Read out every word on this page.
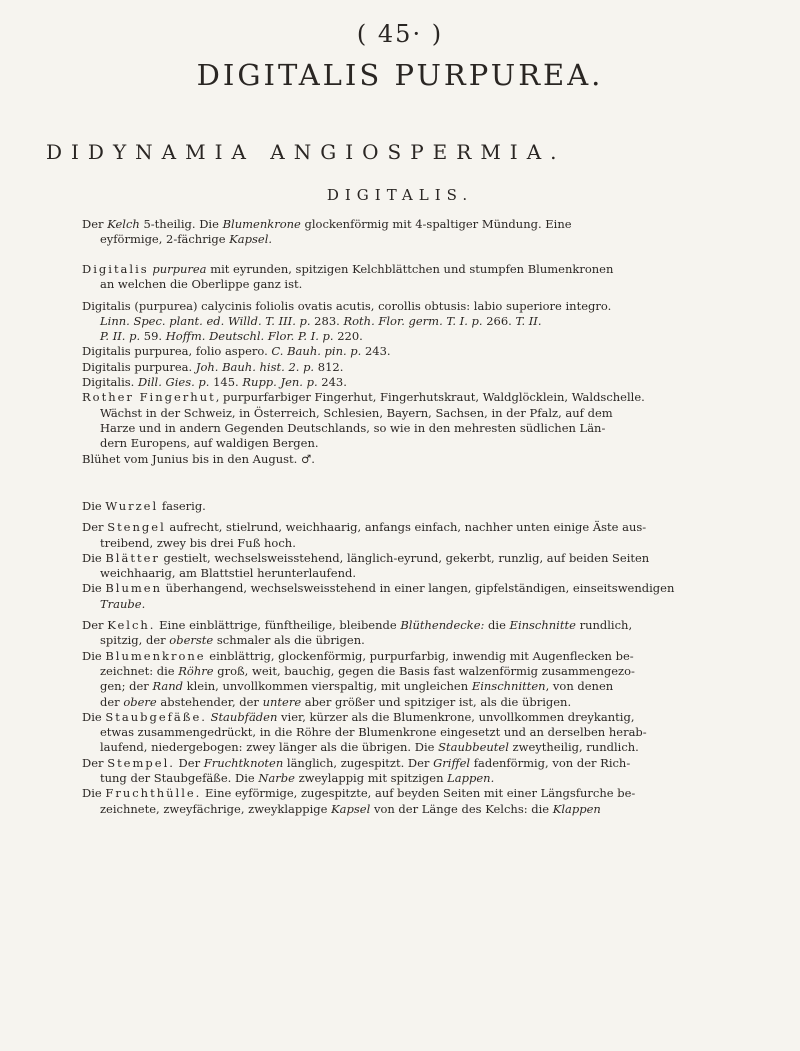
( 45· )
DIGITALIS PURPUREA.
DIDYNAMIA ANGIOSPERMIA.
DIGITALIS.

Der Kelch 5-theilig. Die Blumenkrone glockenförmig mit 4-spaltiger Mündung. Eine

eyförmige, 2-fächrige Kapsel.

Digitalis purpurea mit eyrunden, spitzigen Kelchblättchen und stumpfen Blumenkronen

an welchen die Oberlippe ganz ist.

Digitalis (purpurea) calycinis foliolis ovatis acutis, corollis obtusis: labio superiore integro.

Linn. Spec. plant. ed. Willd. T. III. p. 283. Roth. Flor. germ. T. I. p. 266. T. II.

P. II. p. 59. Hoffm. Deutschl. Flor. P. I. p. 220.

Digitalis purpurea, folio aspero. C. Bauh. pin. p. 243.

Digitalis purpurea. Joh. Bauh. hist. 2. p. 812.

Digitalis. Dill. Gies. p. 145. Rupp. Jen. p. 243.

Rother Fingerhut, purpurfarbiger Fingerhut, Fingerhutskraut, Waldglöcklein, Waldschelle.

Wächst in der Schweiz, in Österreich, Schlesien, Bayern, Sachsen, in der Pfalz, auf dem

Harze und in andern Gegenden Deutschlands, so wie in den mehresten südlichen Län-

dern Europens, auf waldigen Bergen.

Blühet vom Junius bis in den August. ♂.

Die Wurzel faserig.

Der Stengel aufrecht, stielrund, weichhaarig, anfangs einfach, nachher unten einige Äste aus-

treibend, zwey bis drei Fuß hoch.

Die Blätter gestielt, wechselsweisstehend, länglich-eyrund, gekerbt, runzlig, auf beiden Seiten

weichhaarig, am Blattstiel herunterlaufend.

Die Blumen überhangend, wechselsweisstehend in einer langen, gipfelständigen, einseitswendigen

Traube.

Der Kelch. Eine einblättrige, fünftheilige, bleibende Blüthendecke: die Einschnitte rundlich,

spitzig, der oberste schmaler als die übrigen.

Die Blumenkrone einblättrig, glockenförmig, purpurfarbig, inwendig mit Augenflecken be-

zeichnet: die Röhre groß, weit, bauchig, gegen die Basis fast walzenförmig zusammengezo-

gen; der Rand klein, unvollkommen vierspaltig, mit ungleichen Einschnitten, von denen

der obere abstehender, der untere aber größer und spitziger ist, als die übrigen.

Die Staubgefäße. Staubfäden vier, kürzer als die Blumenkrone, unvollkommen dreykantig,

etwas zusammengedrückt, in die Röhre der Blumenkrone eingesetzt und an derselben herab-

laufend, niedergebogen: zwey länger als die übrigen. Die Staubbeutel zweytheilig, rundlich.

Der Stempel. Der Fruchtknoten länglich, zugespitzt. Der Griffel fadenförmig, von der Rich-

tung der Staubgefäße. Die Narbe zweylappig mit spitzigen Lappen.

Die Fruchthülle. Eine eyförmige, zugespitzte, auf beyden Seiten mit einer Längsfurche be-

zeichnete, zweyfächrige, zweyklappige Kapsel von der Länge des Kelchs: die Klappen
